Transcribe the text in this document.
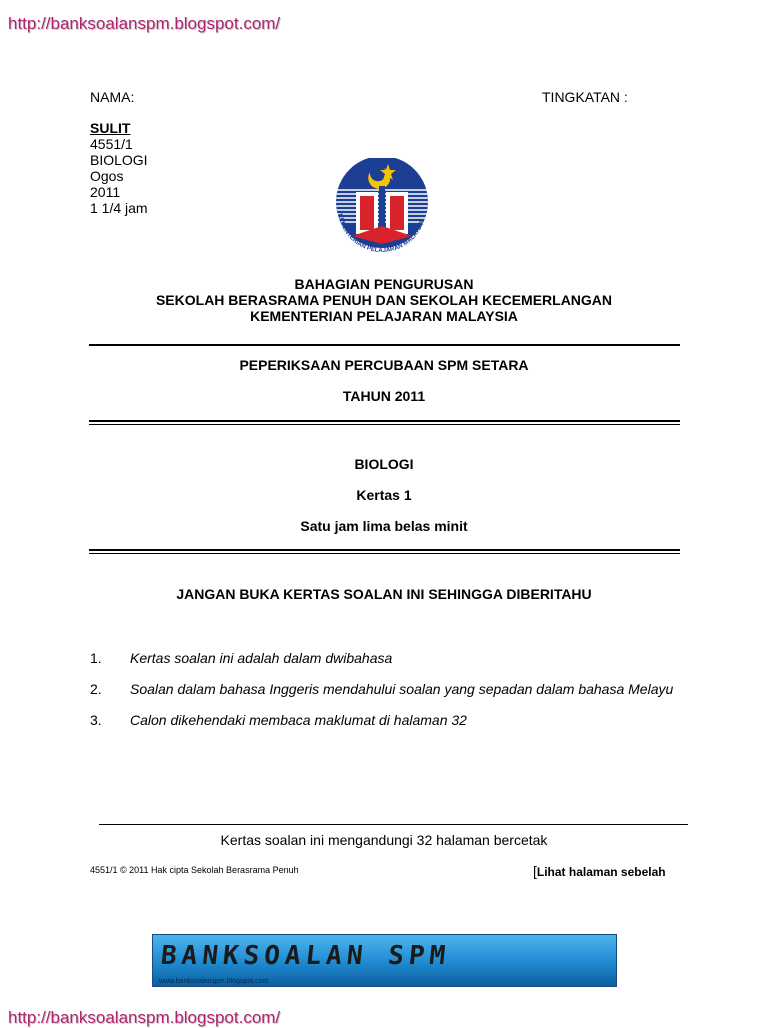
http://banksoalanspm.blogspot.com/
NAMA:	TINGKATAN :
SULIT
4551/1
BIOLOGI
Ogos
2011
1 1/4 jam	KEMENTERIAN PELAJARAN MALAYSIA
BAHAGIAN PENGURUSAN
SEKOLAH BERASRAMA PENUH DAN SEKOLAH KECEMERLANGAN
KEMENTERIAN PELAJARAN MALAYSIA
PEPERIKSAAN PERCUBAAN SPM SETARA
TAHUN 2011
BIOLOGI
Kertas 1
Satu jam lima belas minit
JANGAN BUKA KERTAS SOALAN INI SEHINGGA DIBERITAHU
1.	Kertas soalan ini adalah dalam dwibahasa
2.	Soalan dalam bahasa Inggeris mendahului soalan yang sepadan dalam bahasa Melayu
3.	Calon dikehendaki membaca maklumat di halaman 32
Kertas soalan ini mengandungi 32 halaman bercetak
4551/1 © 2011 Hak cipta Sekolah Berasrama Penuh	[Lihat halaman sebelah
BANKSOALAN SPM
www.banksoalanspm.blogspot.com
http://banksoalanspm.blogspot.com/
